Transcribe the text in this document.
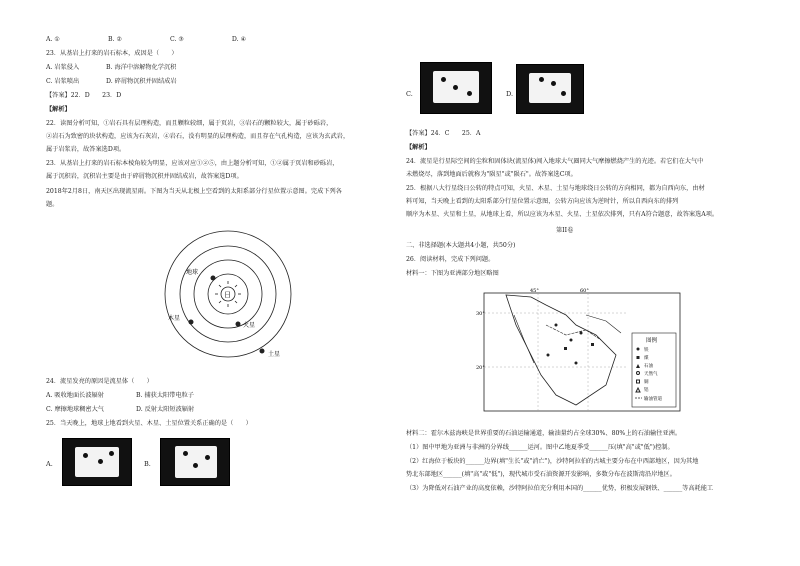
A. ①	B. ②	C. ③	D. ④
23．从基岩上打来的岩石标本，成因是（　　）
A. 岩浆侵入	B. 海洋中溶解物化学沉积
C. 岩浆喷出	D. 碎屑物沉积并固结成岩
【答案】22．D　　23．D
【解析】
22．读图分析可知，①岩石具有层理构造，而且颗粒较细，属于页岩，③岩石的颗粒较大，属于砂砾岩，
②岩石为致密的块状构造，应该为石灰岩，④岩石，没有明显的层理构造，而且存在气孔构造，应该为玄武岩，
属于岩浆岩，故答案选D项。
23．从基岩上打来的岩石标本棱角较为明显，应该对应①②⑤，由上题分析可知，①②属于页岩和砂砾岩，
属于沉积岩，沉积岩主要是由于碎屑物沉积并固结成岩，故答案选D项。
2018年2月8日，南天区出现流星雨。下图为当天从北极上空看到的太阳系部分行星位置示意图。完成下列各
题。
日
地球
火星
木星
土星
24．流星发亮的原因是流星体（　　）
A. 吸收地面长波辐射	B. 捕获太阳带电粒子
C. 摩擦地球稠密大气	D. 反射太阳短波辐射
25．当天晚上，地球上地看到火星、木星、土星位置关系正确的是（　　）
A.	B.
C.	D.
【答案】24．C　　25．A
【解析】
24．流星是行星际空间的尘粒和固体块(流星体)闯入地球大气圈同大气摩擦燃烧产生的光迹。若它们在大气中
未燃烧尽，落到地面后就称为"陨星"或"陨石"。故答案选C项。
25．根据八大行星绕日公转的特点可知，火星、木星、土星与地球绕日公转的方向相同，都为自西向东，由材
料可知，当天晚上看到的太阳系部分行星位置示意图，公转方向应该为逆时针，所以自西向东的排列
顺序为木星、火星和土星，从地球上看，所以应该为木星、火星、土星依次排列，只有A符合题意，故答案选A项。
第II卷
二、非选择题(本大题共4小题，共50分)
26．阅读材料，完成下列问题。
材料一：下图为亚洲部分地区略图
45°	60°
30°
20°
图例
铁
煤
石油
天然气
铜
铝
输油管道
材料二：霍尔木兹海峡是世界重要的石油运输通道，输油量约占全球30%、80%上的石油输往亚洲。
（1）图中甲地为亚洲与非洲的分界线______运河。图中乙地夏季受______压(填"高"或"低")控制。
（2）红海位于板块的______边界(填"生长"或"消亡")，沙特阿拉伯的古城主要分布在中西部地区，因为其地
势北东部地区______(填"高"或"低")，现代城市受石油资源开发影响，多数分布在波斯湾沿岸地区。
（3）为降低对石油产业的高度依赖，沙特阿拉伯充分利用本国的______优势，积极发展钢铁、______等高耗能工
